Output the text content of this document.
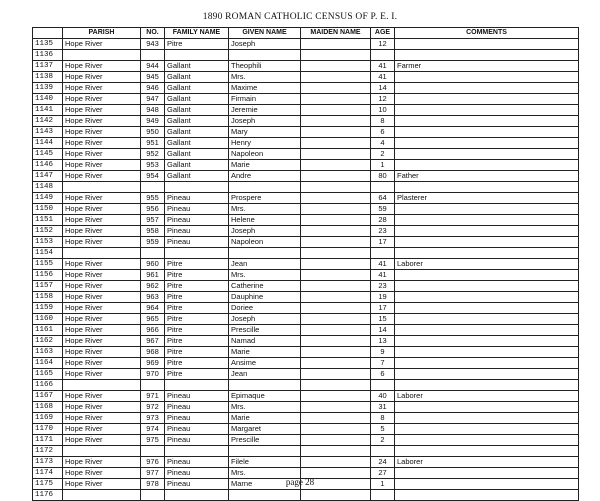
1890 ROMAN CATHOLIC CENSUS OF P. E. I.
	PARISH	NO.	FAMILY NAME	GIVEN NAME	MAIDEN NAME	AGE	COMMENTS
1135	Hope River	943	Pitre	Joseph		12	
1136							
1137	Hope River	944	Gallant	Theophili		41	Farmer
1138	Hope River	945	Gallant	Mrs.		41	
1139	Hope River	946	Gallant	Maxime		14	
1140	Hope River	947	Gallant	Firmain		12	
1141	Hope River	948	Gallant	Jeremie		10	
1142	Hope River	949	Gallant	Joseph		8	
1143	Hope River	950	Gallant	Mary		6	
1144	Hope River	951	Gallant	Henry		4	
1145	Hope River	952	Gallant	Napoleon		2	
1146	Hope River	953	Gallant	Marie		1	
1147	Hope River	954	Gallant	Andre		80	Father
1148							
1149	Hope River	955	Pineau	Prospere		64	Plasterer
1150	Hope River	956	Pineau	Mrs.		59	
1151	Hope River	957	Pineau	Helene		28	
1152	Hope River	958	Pineau	Joseph		23	
1153	Hope River	959	Pineau	Napoleon		17	
1154							
1155	Hope River	960	Pitre	Jean		41	Laborer
1156	Hope River	961	Pitre	Mrs.		41	
1157	Hope River	962	Pitre	Catherine		23	
1158	Hope River	963	Pitre	Dauphine		19	
1159	Hope River	964	Pitre	Doriee		17	
1160	Hope River	965	Pitre	Joseph		15	
1161	Hope River	966	Pitre	Prescille		14	
1162	Hope River	967	Pitre	Namad		13	
1163	Hope River	968	Pitre	Marie		9	
1164	Hope River	969	Pitre	Ansime		7	
1165	Hope River	970	Pitre	Jean		6	
1166							
1167	Hope River	971	Pineau	Epimaque		40	Laborer
1168	Hope River	972	Pineau	Mrs.		31	
1169	Hope River	973	Pineau	Marie		8	
1170	Hope River	974	Pineau	Margaret		5	
1171	Hope River	975	Pineau	Prescille		2	
1172							
1173	Hope River	976	Pineau	Filele		24	Laborer
1174	Hope River	977	Pineau	Mrs.		27	
1175	Hope River	978	Pineau	Marne		1	
1176							
page 28
